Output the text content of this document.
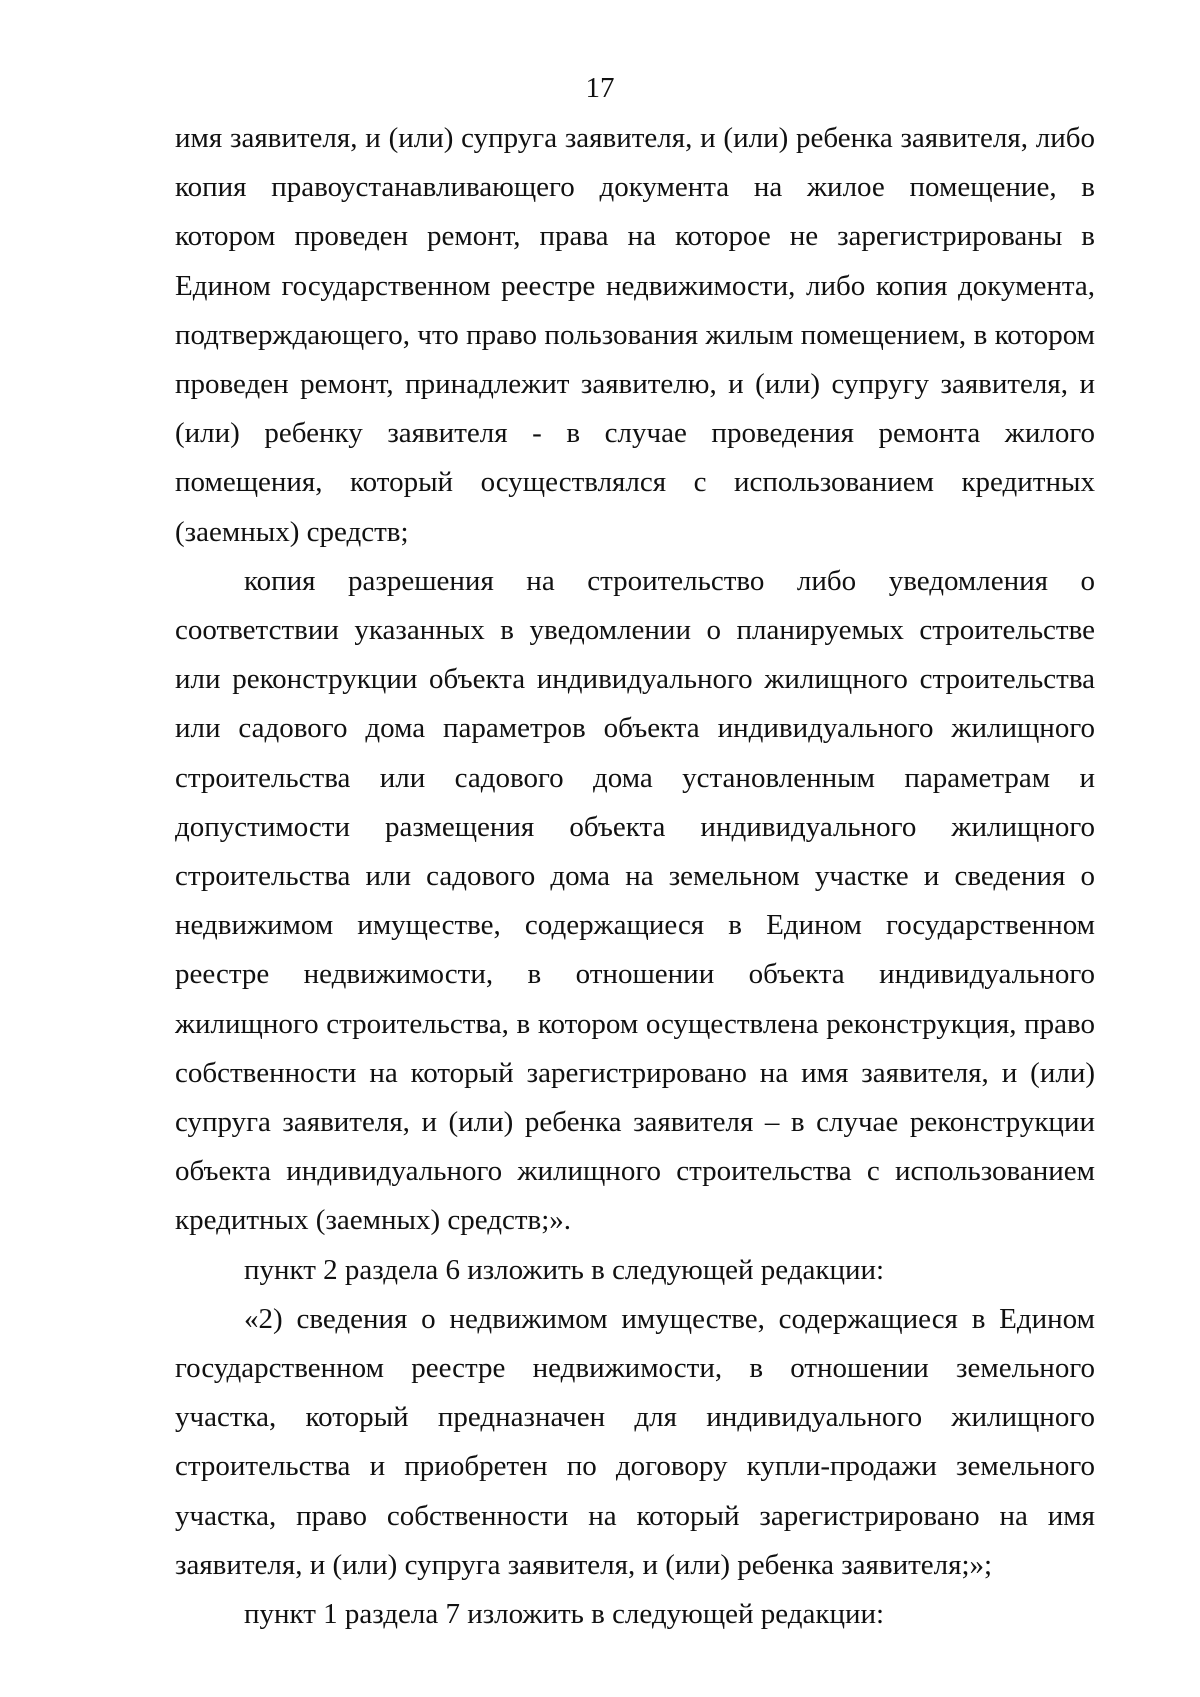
17

имя заявителя, и (или) супруга заявителя, и (или) ребенка заявителя, либо копия правоустанавливающего документа на жилое помещение, в котором проведен ремонт, права на которое не зарегистрированы в Едином государственном реестре недвижимости, либо копия документа, подтверждающего, что право пользования жилым помещением, в котором проведен ремонт, принадлежит заявителю, и (или) супругу заявителя, и (или) ребенку заявителя - в случае проведения ремонта жилого помещения, который осуществлялся с использованием кредитных (заемных) средств;

копия разрешения на строительство либо уведомления о соответствии указанных в уведомлении о планируемых строительстве или реконструкции объекта индивидуального жилищного строительства или садового дома параметров объекта индивидуального жилищного строительства или садового дома установленным параметрам и допустимости размещения объекта индивидуального жилищного строительства или садового дома на земельном участке и сведения о недвижимом имуществе, содержащиеся в Едином государственном реестре недвижимости, в отношении объекта индивидуального жилищного строительства, в котором осуществлена реконструкция, право собственности на который зарегистрировано на имя заявителя, и (или) супруга заявителя, и (или) ребенка заявителя – в случае реконструкции объекта индивидуального жилищного строительства с использованием кредитных (заемных) средств;».

пункт 2 раздела 6 изложить в следующей редакции:

«2) сведения о недвижимом имуществе, содержащиеся в Едином государственном реестре недвижимости, в отношении земельного участка, который предназначен для индивидуального жилищного строительства и приобретен по договору купли-продажи земельного участка, право собственности на который зарегистрировано на имя заявителя, и (или) супруга заявителя, и (или) ребенка заявителя;»;

пункт 1 раздела 7 изложить в следующей редакции:
